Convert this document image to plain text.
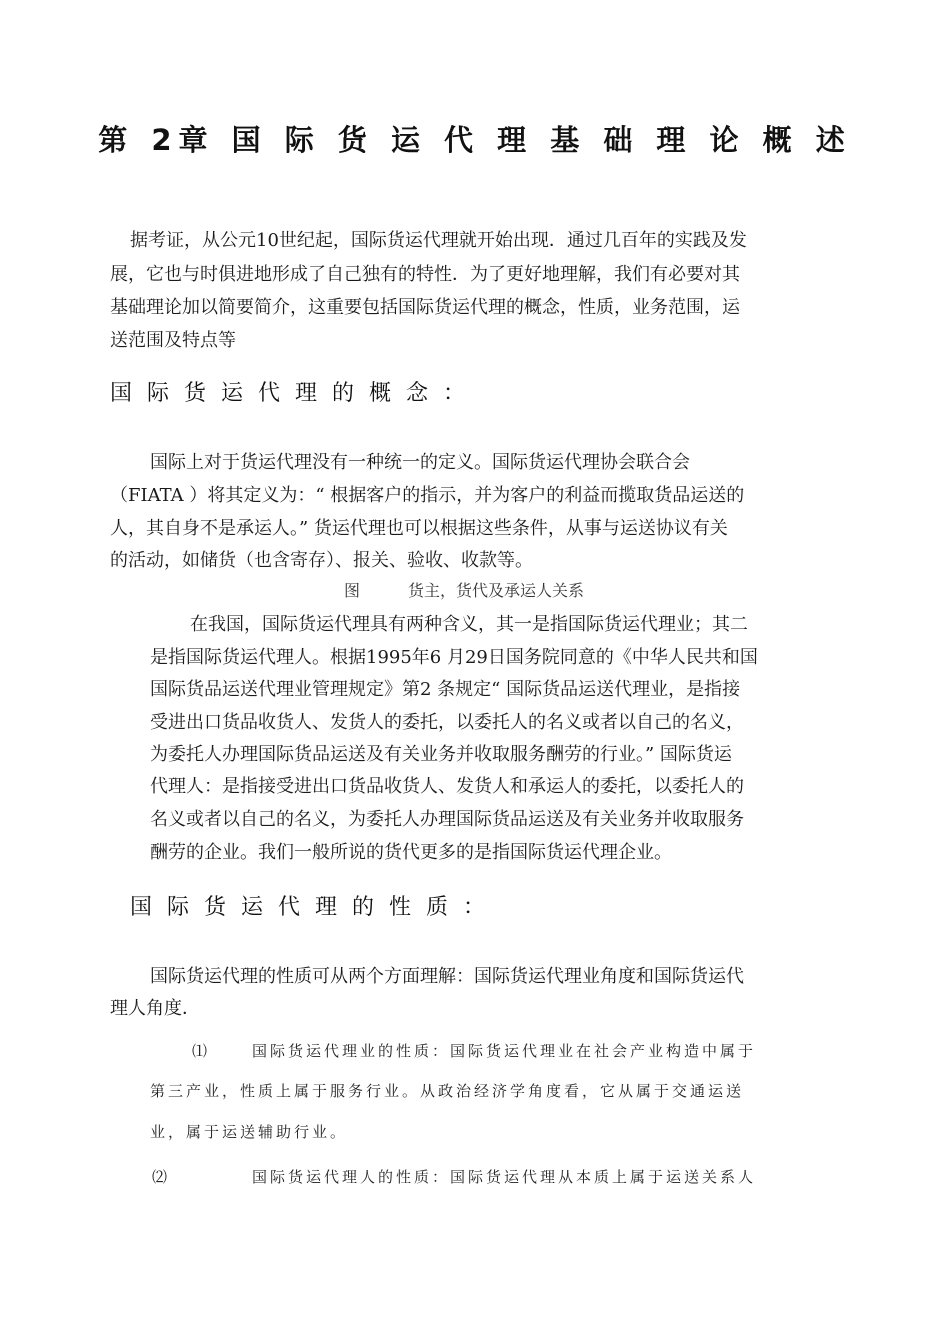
第 2章 国 际 货 运 代 理 基 础 理 论 概 述
据考证，从公元10世纪起，国际货运代理就开始出现．通过几百年的实践及发
展，它也与时俱进地形成了自己独有的特性．为了更好地理解，我们有必要对其
基础理论加以简要简介，这重要包括国际货运代理的概念，性质，业务范围，运
送范围及特点等
国际货运代理的概念：
国际上对于货运代理没有一种统一的定义。国际货运代理协会联合会
（FIATA ）将其定义为：“ 根据客户的指示，并为客户的利益而揽取货品运送的
人，其自身不是承运人。” 货运代理也可以根据这些条件，从事与运送协议有关
的活动，如储货（也含寄存）、报关、验收、收款等。
图	货主，货代及承运人关系
在我国，国际货运代理具有两种含义，其一是指国际货运代理业；其二
是指国际货运代理人。根据1995年6 月29日国务院同意的《中华人民共和国
国际货品运送代理业管理规定》第2 条规定“ 国际货品运送代理业，是指接
受进出口货品收货人、发货人的委托，以委托人的名义或者以自己的名义，
为委托人办理国际货品运送及有关业务并收取服务酬劳的行业。” 国际货运
代理人：是指接受进出口货品收货人、发货人和承运人的委托，以委托人的
名义或者以自己的名义，为委托人办理国际货品运送及有关业务并收取服务
酬劳的企业。我们一般所说的货代更多的是指国际货运代理企业。
国际货运代理的性质：
国际货运代理的性质可从两个方面理解：国际货运代理业角度和国际货运代
理人角度．
⑴	国际货运代理业的性质：国际货运代理业在社会产业构造中属于
第三产业，性质上属于服务行业。从政治经济学角度看，它从属于交通运送
业，属于运送辅助行业。
⑵	国际货运代理人的性质：国际货运代理从本质上属于运送关系人
